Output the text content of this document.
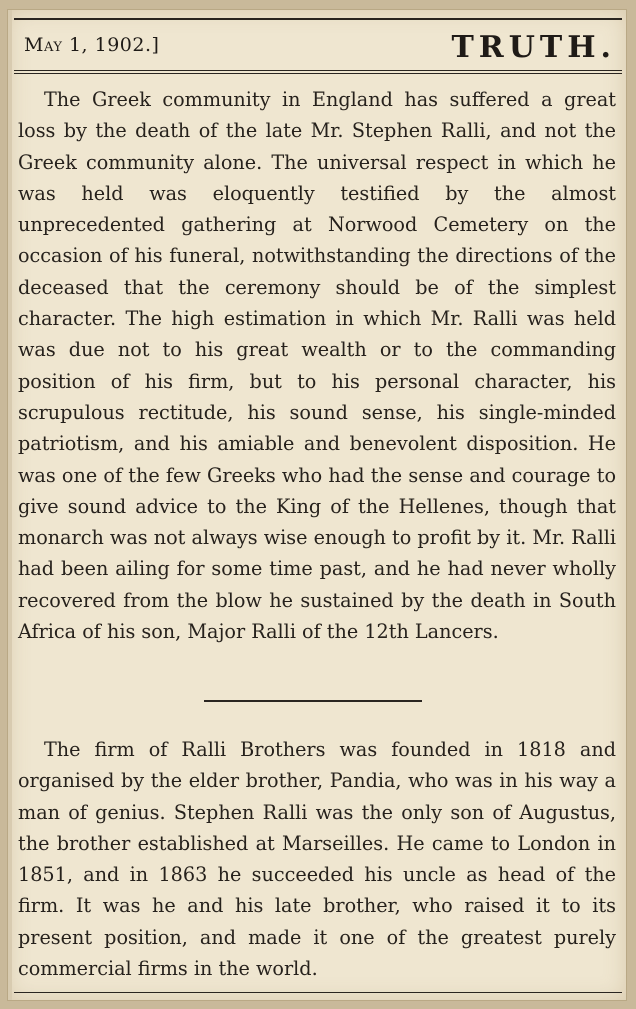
May 1, 1902.]	TRUTH.

The Greek community in England has suffered a great loss by the death of the late Mr. Stephen Ralli, and not the Greek community alone. The universal respect in which he was held was eloquently testified by the almost unprecedented gathering at Norwood Cemetery on the occasion of his funeral, notwithstanding the directions of the deceased that the ceremony should be of the simplest character. The high estimation in which Mr. Ralli was held was due not to his great wealth or to the commanding position of his firm, but to his personal character, his scrupulous rectitude, his sound sense, his single-minded patriotism, and his amiable and benevolent disposition. He was one of the few Greeks who had the sense and courage to give sound advice to the King of the Hellenes, though that monarch was not always wise enough to profit by it. Mr. Ralli had been ailing for some time past, and he had never wholly recovered from the blow he sustained by the death in South Africa of his son, Major Ralli of the 12th Lancers.

The firm of Ralli Brothers was founded in 1818 and organised by the elder brother, Pandia, who was in his way a man of genius. Stephen Ralli was the only son of Augustus, the brother established at Marseilles. He came to London in 1851, and in 1863 he succeeded his uncle as head of the firm. It was he and his late brother, who raised it to its present position, and made it one of the greatest purely commercial firms in the world.
